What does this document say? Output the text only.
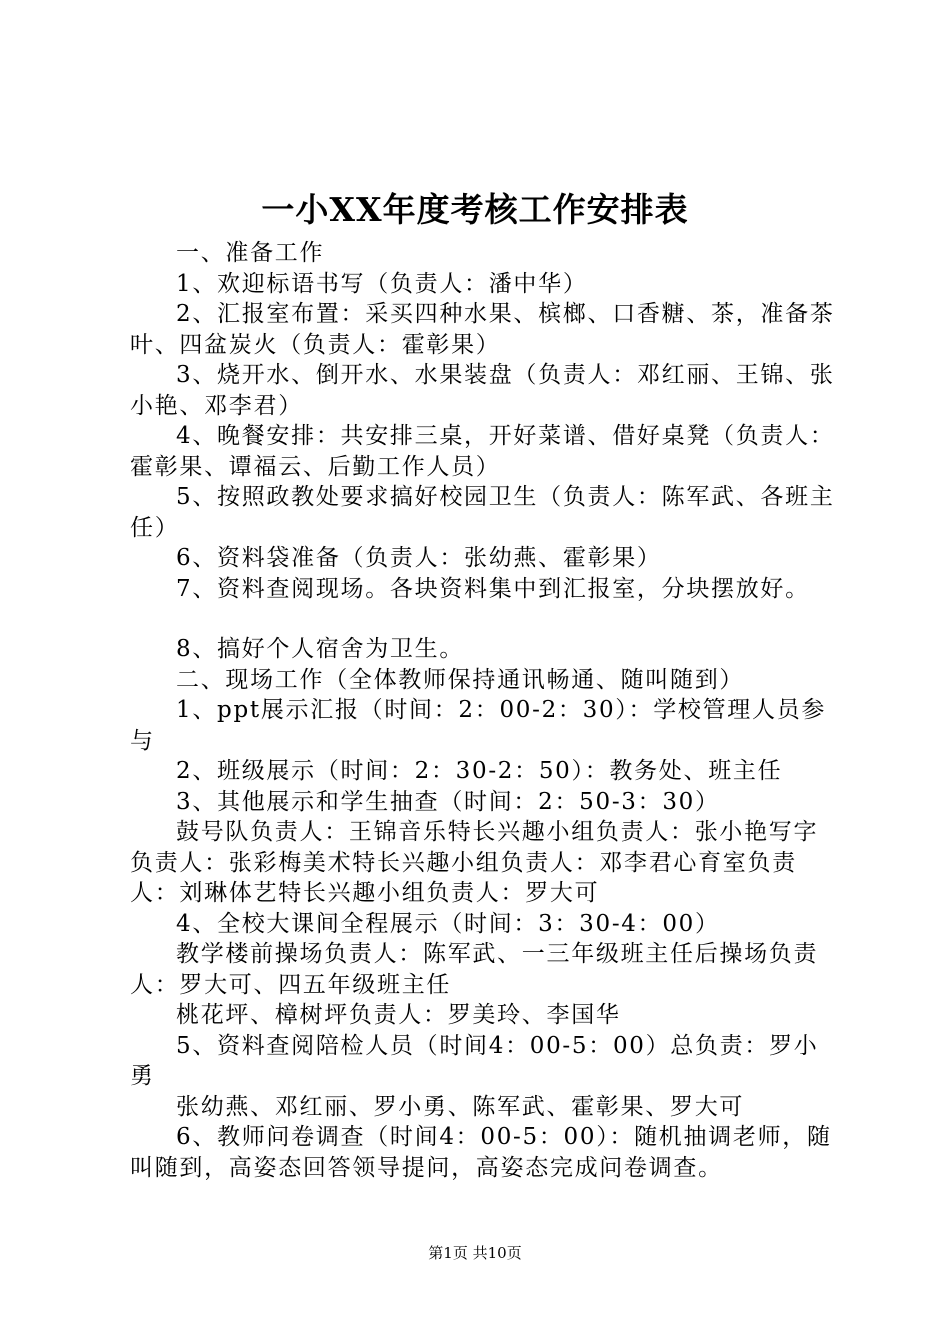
一小XX年度考核工作安排表

一、准备工作

1、欢迎标语书写（负责人：潘中华）

2、汇报室布置：采买四种水果、槟榔、口香糖、茶，准备茶叶、四盆炭火（负责人：霍彰果）

3、烧开水、倒开水、水果装盘（负责人：邓红丽、王锦、张小艳、邓李君）

4、晚餐安排：共安排三桌，开好菜谱、借好桌凳（负责人：霍彰果、谭福云、后勤工作人员）

5、按照政教处要求搞好校园卫生（负责人：陈军武、各班主任）

6、资料袋准备（负责人：张幼燕、霍彰果）

7、资料查阅现场。各块资料集中到汇报室，分块摆放好。

8、搞好个人宿舍为卫生。

二、现场工作（全体教师保持通讯畅通、随叫随到）

1、ppt展示汇报（时间：2：00-2：30）：学校管理人员参与

2、班级展示（时间：2：30-2：50）：教务处、班主任

3、其他展示和学生抽查（时间：2：50-3：30）

鼓号队负责人：王锦音乐特长兴趣小组负责人：张小艳写字负责人：张彩梅美术特长兴趣小组负责人：邓李君心育室负责人：刘琳体艺特长兴趣小组负责人：罗大可

4、全校大课间全程展示（时间：3：30-4：00）

教学楼前操场负责人：陈军武、一三年级班主任后操场负责人：罗大可、四五年级班主任

桃花坪、樟树坪负责人：罗美玲、李国华

5、资料查阅陪检人员（时间4：00-5：00）总负责：罗小勇

张幼燕、邓红丽、罗小勇、陈军武、霍彰果、罗大可

6、教师问卷调查（时间4：00-5：00）：随机抽调老师，随叫随到，高姿态回答领导提问，高姿态完成问卷调查。

第1页 共10页
